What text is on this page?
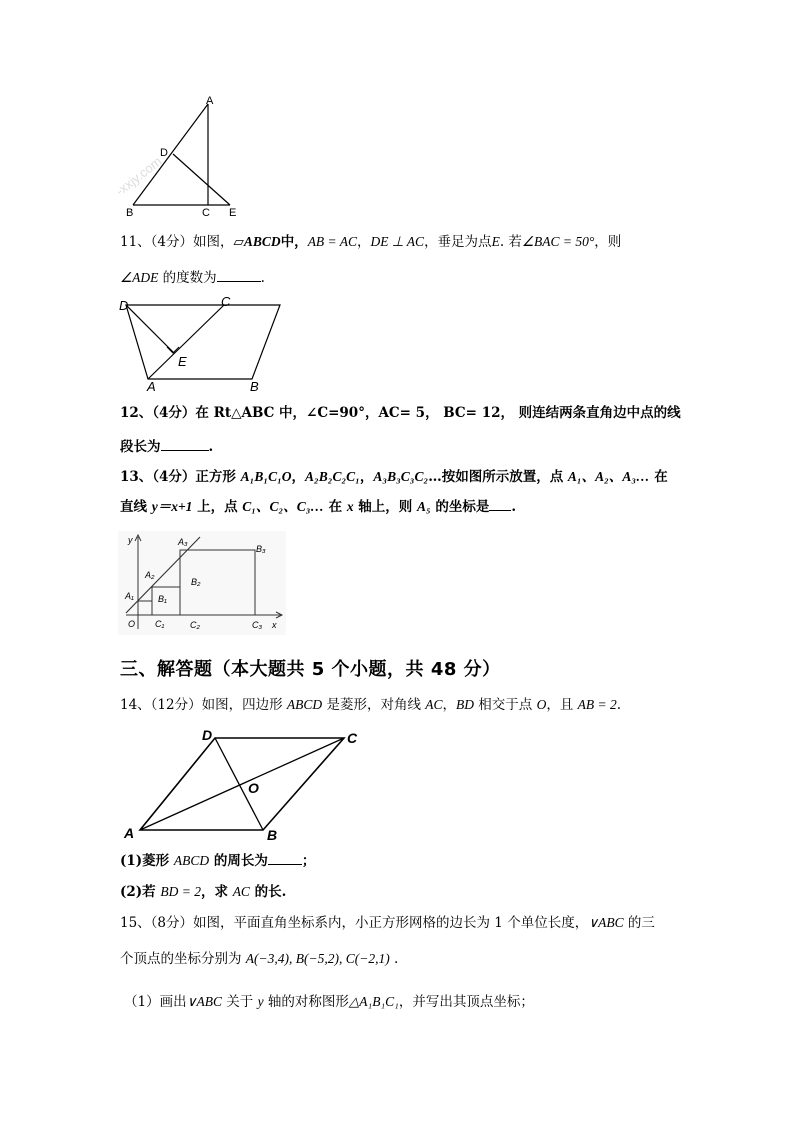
-xxjy.com
A
D
B	C E
11、（4分）如图，▱ABCD中，AB = AC，DE ⊥ AC，垂足为点E. 若∠BAC = 50°，则
∠ADE 的度数为	.
D	C
E
A	B
12、（4分）在 Rt△ABC 中，∠C=90°，AC= 5， BC= 12， 则连结两条直角边中点的线
段长为	.
13、（4分）正方形 A₁B₁C₁O，A₂B₂C₂C₁，A₃B₃C₃C₂…按如图所示放置，点 A₁、A₂、A₃… 在
直线 y＝x+1 上，点 C₁、C₂、C₃… 在 x 轴上，则 A₅ 的坐标是 .
y
x
O
A₁	B₁
A₂
B₂
A₃
B₃
C₁	C₂	C₃
三、解答题（本大题共 5 个小题，共 48 分）
14、（12分）如图，四边形 ABCD 是菱形，对角线 AC，BD 相交于点 O，且 AB = 2.
D	C
O
A	B
(1)菱形 ABCD 的周长为	；
(2)若 BD = 2，求 AC 的长.
15、（8分）如图，平面直角坐标系内，小正方形网格的边长为 1 个单位长度，∨ABC 的三
个顶点的坐标分别为 A(−3,4), B(−5,2), C(−2,1) .
（1）画出∨ABC 关于 y 轴的对称图形△A₁B₁C₁，并写出其顶点坐标；
